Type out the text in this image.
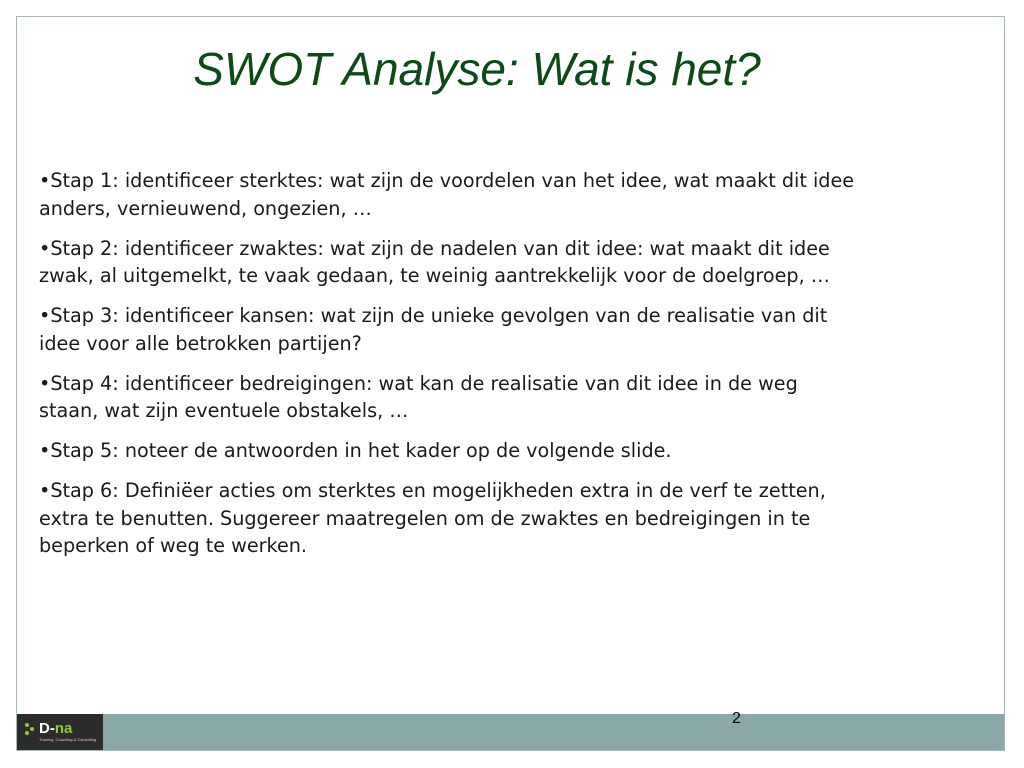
SWOT Analyse: Wat is het?

•Stap 1: identificeer sterktes: wat zijn de voordelen van het idee, wat maakt dit idee anders, vernieuwend, ongezien, …

•Stap 2: identificeer zwaktes: wat zijn de nadelen van dit idee: wat maakt dit idee zwak, al uitgemelkt, te vaak gedaan, te weinig aantrekkelijk voor de doelgroep, …

•Stap 3: identificeer kansen: wat zijn de unieke gevolgen van de realisatie van dit idee voor alle betrokken partijen?

•Stap 4: identificeer bedreigingen: wat kan de realisatie van dit idee in de weg staan, wat zijn eventuele obstakels, …

•Stap 5: noteer de antwoorden in het kader op de volgende slide.

•Stap 6: Definiëer acties om sterktes en mogelijkheden extra in de verf te zetten, extra te benutten. Suggereer maatregelen om de zwaktes en bedreigingen in te beperken of weg te werken.

2
D-na
Training, Coaching & Consulting
